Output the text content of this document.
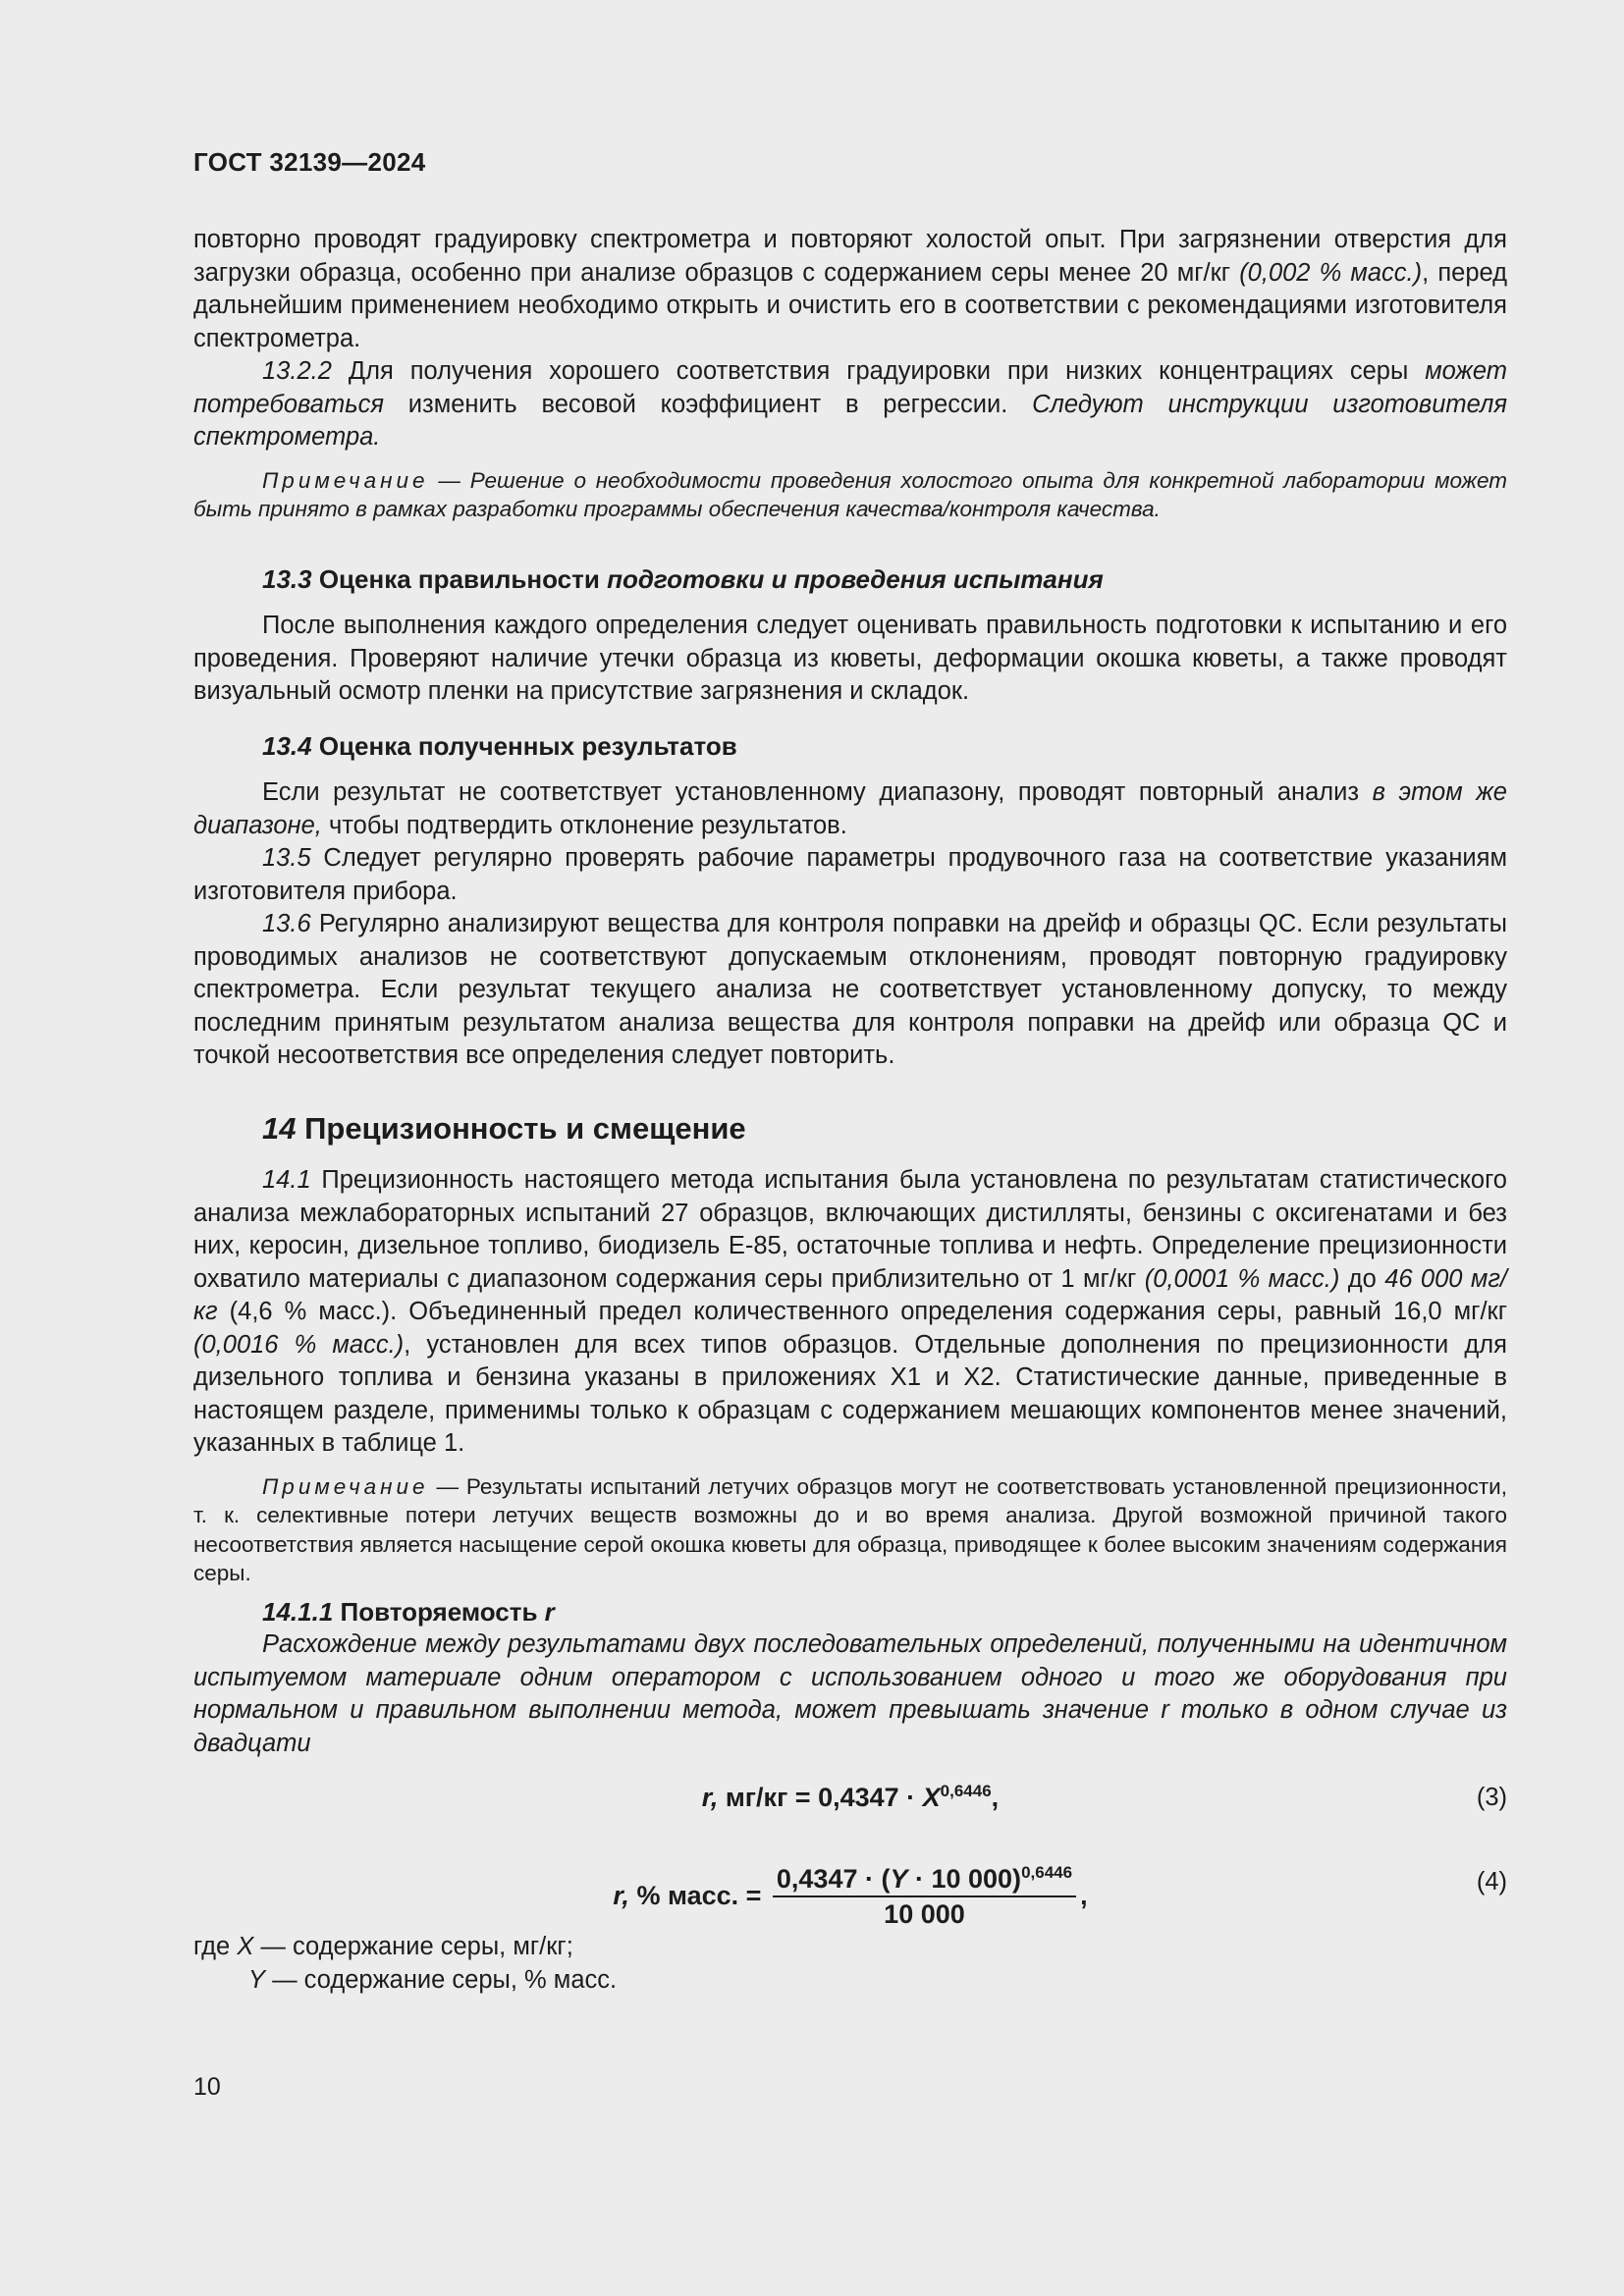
ГОСТ 32139—2024

повторно проводят градуировку спектрометра и повторяют холостой опыт. При загрязнении отверстия для загрузки образца, особенно при анализе образцов с содержанием серы менее 20 мг/кг (0,002 % масс.), перед дальнейшим применением необходимо открыть и очистить его в соответствии с рекомендациями изготовителя спектрометра.

13.2.2 Для получения хорошего соответствия градуировки при низких концентрациях серы может потребоваться изменить весовой коэффициент в регрессии. Следуют инструкции изготовителя спектрометра.

Примечание — Решение о необходимости проведения холостого опыта для конкретной лаборатории может быть принято в рамках разработки программы обеспечения качества/контроля качества.

13.3 Оценка правильности подготовки и проведения испытания

После выполнения каждого определения следует оценивать правильность подготовки к испытанию и его проведения. Проверяют наличие утечки образца из кюветы, деформации окошка кюветы, а также проводят визуальный осмотр пленки на присутствие загрязнения и складок.

13.4 Оценка полученных результатов

Если результат не соответствует установленному диапазону, проводят повторный анализ в этом же диапазоне, чтобы подтвердить отклонение результатов.

13.5 Следует регулярно проверять рабочие параметры продувочного газа на соответствие указаниям изготовителя прибора.

13.6 Регулярно анализируют вещества для контроля поправки на дрейф и образцы QC. Если результаты проводимых анализов не соответствуют допускаемым отклонениям, проводят повторную градуировку спектрометра. Если результат текущего анализа не соответствует установленному допуску, то между последним принятым результатом анализа вещества для контроля поправки на дрейф или образца QC и точкой несоответствия все определения следует повторить.

14 Прецизионность и смещение

14.1 Прецизионность настоящего метода испытания была установлена по результатам статистического анализа межлабораторных испытаний 27 образцов, включающих дистилляты, бензины с оксигенатами и без них, керосин, дизельное топливо, биодизель E-85, остаточные топлива и нефть. Определение прецизионности охватило материалы с диапазоном содержания серы приблизительно от 1 мг/кг (0,0001 % масс.) до 46 000 мг/кг (4,6 % масс.). Объединенный предел количественного определения содержания серы, равный 16,0 мг/кг (0,0016 % масс.), установлен для всех типов образцов. Отдельные дополнения по прецизионности для дизельного топлива и бензина указаны в приложениях X1 и X2. Статистические данные, приведенные в настоящем разделе, применимы только к образцам с содержанием мешающих компонентов менее значений, указанных в таблице 1.

Примечание — Результаты испытаний летучих образцов могут не соответствовать установленной прецизионности, т. к. селективные потери летучих веществ возможны до и во время анализа. Другой возможной причиной такого несоответствия является насыщение серой окошка кюветы для образца, приводящее к более высоким значениям содержания серы.

14.1.1 Повторяемость r

Расхождение между результатами двух последовательных определений, полученными на идентичном испытуемом материале одним оператором с использованием одного и того же оборудования при нормальном и правильном выполнении метода, может превышать значение r только в одном случае из двадцати

r, $мг/кг = 0,4347 \cdot X^{0,6446}$,	(3)
r, % масс. = $\frac{0,4347 \cdot (Y \cdot 10 000)^{0,6446}}{10 000}$ ,	(4)
где X — содержание серы, мг/кг;
Y — содержание серы, % масс.
10
